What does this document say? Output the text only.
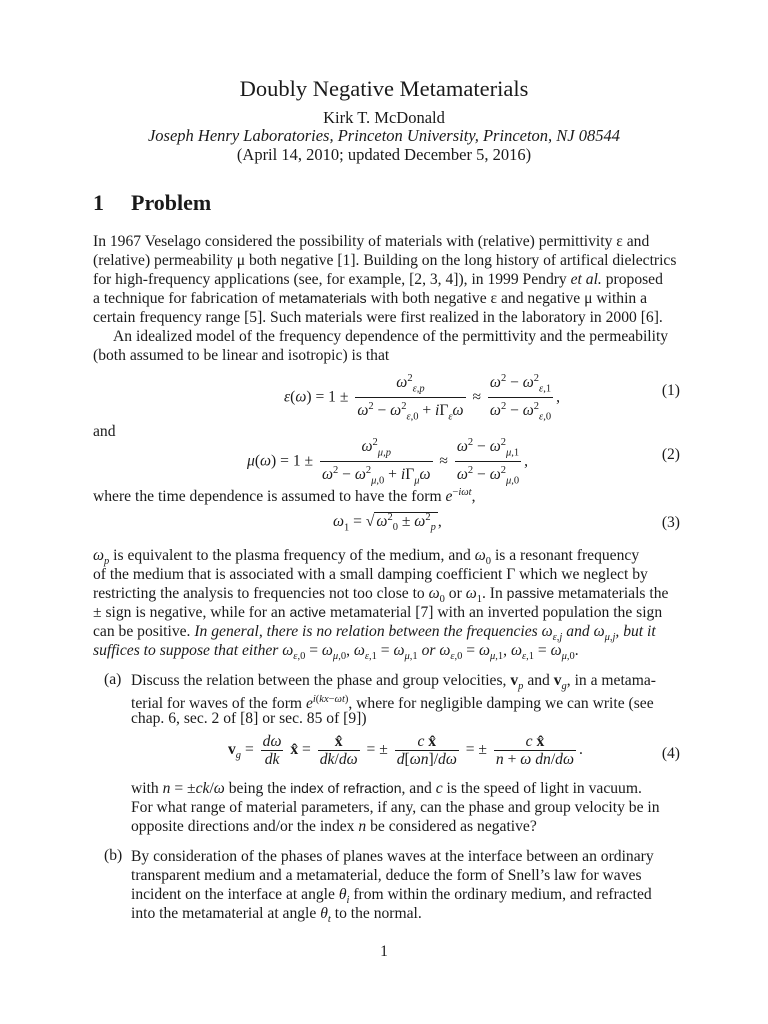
Doubly Negative Metamaterials
Kirk T. McDonald
Joseph Henry Laboratories, Princeton University, Princeton, NJ 08544
(April 14, 2010; updated December 5, 2016)
1 Problem
In 1967 Veselago considered the possibility of materials with (relative) permittivity ε and
(relative) permeability μ both negative [1]. Building on the long history of artifical dielectrics
for high-frequency applications (see, for example, [2, 3, 4]), in 1999 Pendry et al. proposed
a technique for fabrication of metamaterials with both negative ε and negative μ within a
certain frequency range [5]. Such materials were first realized in the laboratory in 2000 [6].
An idealized model of the frequency dependence of the permittivity and the permeability
(both assumed to be linear and isotropic) is that
$\varepsilon(\omega) = 1 \pm \frac{\omega^2_{\varepsilon,p}}{\omega^2 - \omega^2_{\varepsilon,0} + i\Gamma_\varepsilon\omega} \approx \frac{\omega^2 - \omega^2_{\varepsilon,1}}{\omega^2 - \omega^2_{\varepsilon,0}}$ ,	(1)
and
$\mu(\omega) = 1 \pm \frac{\omega^2_{\mu,p}}{\omega^2 - \omega^2_{\mu,0} + i\Gamma_\mu\omega} \approx \frac{\omega^2 - \omega^2_{\mu,1}}{\omega^2 - \omega^2_{\mu,0}}$ ,	(2)
where the time dependence is assumed to have the form $e^{-i\omega t}$,
$\omega_1$ = √ $\omega^2_0 \pm \omega^2_p$ ,	(3)
$\omega_p$ is equivalent to the plasma frequency of the medium, and $\omega_0$ is a resonant frequency
of the medium that is associated with a small damping coefficient Γ which we neglect by
restricting the analysis to frequencies not too close to $\omega_0$ or $\omega_1$. In passive metamaterials the
± sign is negative, while for an active metamaterial [7] with an inverted population the sign
can be positive. In general, there is no relation between the frequencies $\omega_{\varepsilon,j}$ and $\omega_{\mu,j}$, but it
suffices to suppose that either $\omega_{\varepsilon,0} = \omega_{\mu,0}$, $\omega_{\varepsilon,1} = \omega_{\mu,1}$ or $\omega_{\varepsilon,0} = \omega_{\mu,1}$, $\omega_{\varepsilon,1} = \omega_{\mu,0}$.
(a) Discuss the relation between the phase and group velocities, $v_p$ and $v_g$, in a metama-
terial for waves of the form $e^{i(kx-\omega t)}$, where for negligible damping we can write (see
chap. 6, sec. 2 of [8] or sec. 85 of [9])
$v_g = \frac{d\omega}{dk}$ x̂ = $\frac{x̂}{dk/d\omega}$ = ± $\frac{\text{c x̂}}{d[\omega n]/d\omega}$ = ± $\frac{\text{c x̂}}{\text{n + ω dn/dω}}$ .	(4)
with n = ±ck/ω being the index of refraction, and c is the speed of light in vacuum.
For what range of material parameters, if any, can the phase and group velocity be in
opposite directions and/or the index n be considered as negative?
(b) By consideration of the phases of planes waves at the interface between an ordinary
transparent medium and a metamaterial, deduce the form of Snell’s law for waves
incident on the interface at angle $\theta_i$ from within the ordinary medium, and refracted
into the metamaterial at angle $\theta_t$ to the normal.
1
